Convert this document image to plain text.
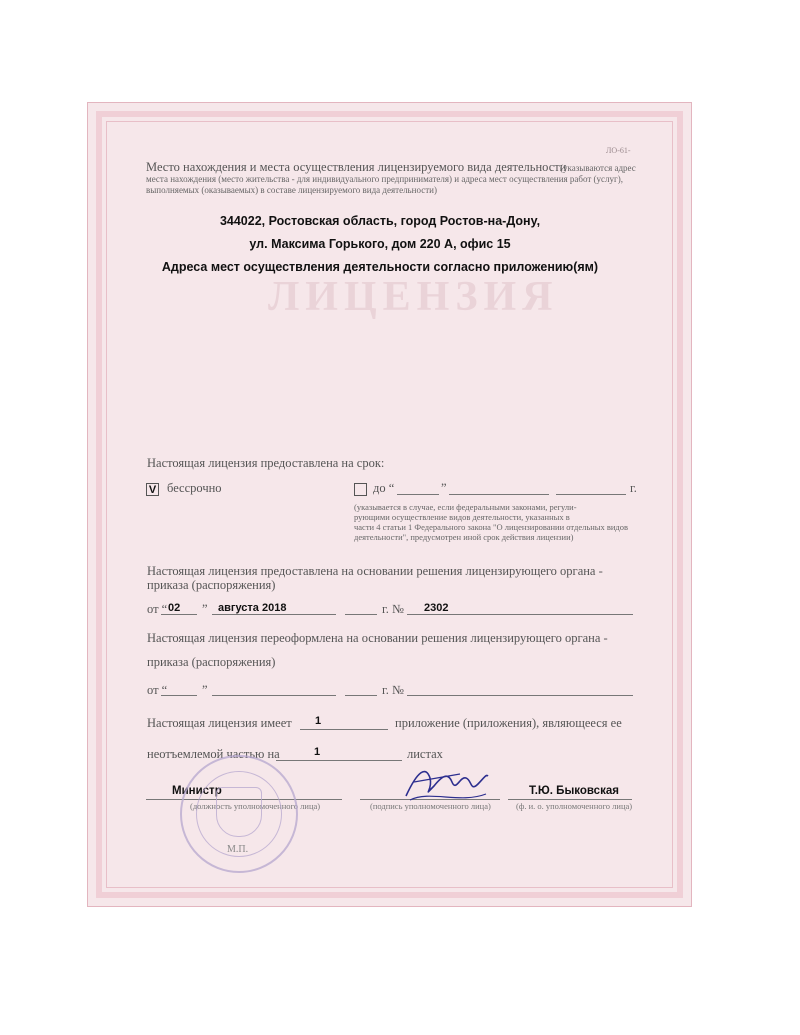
ЛИЦЕНЗИЯ
Место нахождения и места осуществления лицензируемого вида деятельности
(указываются адрес
места нахождения (место жительства - для индивидуального предпринимателя) и адреса мест осуществления работ (услуг),
выполняемых (оказываемых) в составе лицензируемого вида деятельности)
ЛО-61-
344022, Ростовская область, город Ростов-на-Дону,
ул. Максима Горького, дом 220 А, офис 15
Адреса мест осуществления деятельности согласно приложению(ям)
Настоящая лицензия предоставлена на срок:
V бессрочно	до “	”	г.
(указывается в случае, если федеральными законами, регули-
рующими осуществление видов деятельности, указанных в
части 4 статьи 1 Федерального закона "О лицензировании отдельных видов
деятельности", предусмотрен иной срок действия лицензии)
Настоящая лицензия предоставлена на основании решения лицензирующего органа -
приказа (распоряжения)
от “ 02 ” августа 2018	г. № 2302
Настоящая лицензия переоформлена на основании решения лицензирующего органа -
приказа (распоряжения)
от “	”	г. №
Настоящая лицензия имеет 1	приложение (приложения), являющееся ее
неотъемлемой частью на	1	листах
Министр
(должность уполномоченного лица)	(подпись уполномоченного лица)
Т.Ю. Быковская
(ф. и. о. уполномоченного лица)
М.П.
